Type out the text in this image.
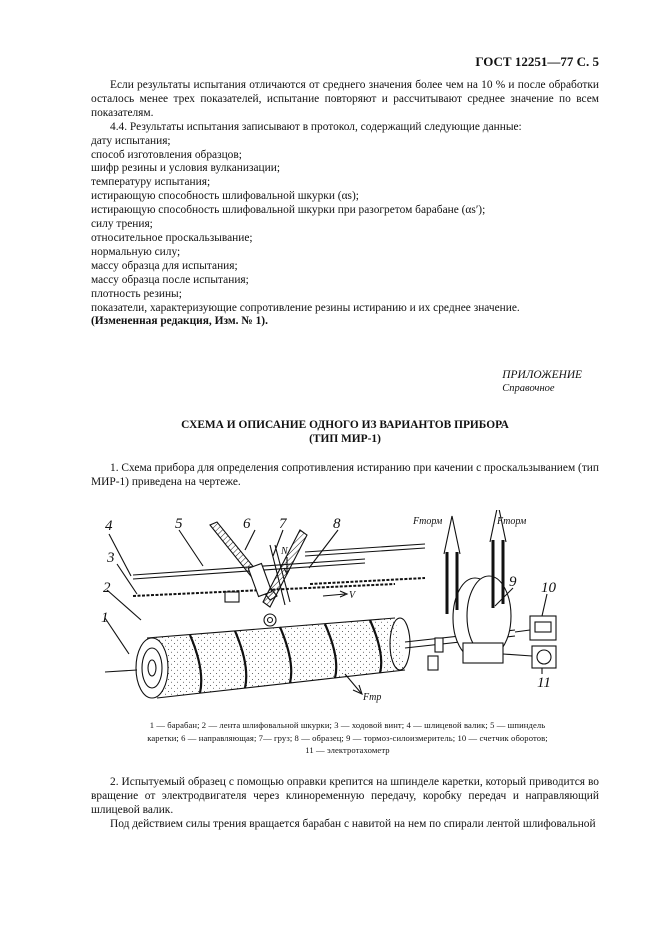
ГОСТ 12251—77 С. 5

Если результаты испытания отличаются от среднего значения более чем на 10 % и после обработки осталось менее трех показателей, испытание повторяют и рассчитывают среднее значение по всем показателям.

4.4. Результаты испытания записывают в протокол, содержащий следующие данные:

дату испытания;

способ изготовления образцов;

шифр резины и условия вулканизации;

температуру испытания;

истирающую способность шлифовальной шкурки (αs);

истирающую способность шлифовальной шкурки при разогретом барабане (αs′);

силу трения;

относительное проскальзывание;

нормальную силу;

массу образца для испытания;

массу образца после испытания;

плотность резины;

показатели, характеризующие сопротивление резины истиранию и их среднее значение.

(Измененная редакция, Изм. № 1).

ПРИЛОЖЕНИЕ
Справочное
СХЕМА И ОПИСАНИЕ ОДНОГО ИЗ ВАРИАНТОВ ПРИБОРА
(ТИП МИР-1)
1. Схема прибора для определения сопротивления истиранию при качении с проскальзыванием (тип МИР-1) приведена на чертеже.
4
3
2
1
5	6 7	8
9 10
11
Fторм	Fторм
Fтр
N
V
1 — барабан; 2 — лента шлифовальной шкурки; 3 — ходовой винт; 4 — шлицевой валик; 5 — шпиндель
каретки; 6 — направляющая; 7— груз; 8 — образец; 9 — тормоз-силоизмеритель; 10 — счетчик оборотов;
11 — электротахометр

2. Испытуемый образец с помощью оправки крепится на шпинделе каретки, который приводится во вращение от электродвигателя через клиноременную передачу, коробку передач и направляющий шлицевой валик.

Под действием силы трения вращается барабан с навитой на нем по спирали лентой шлифовальной
